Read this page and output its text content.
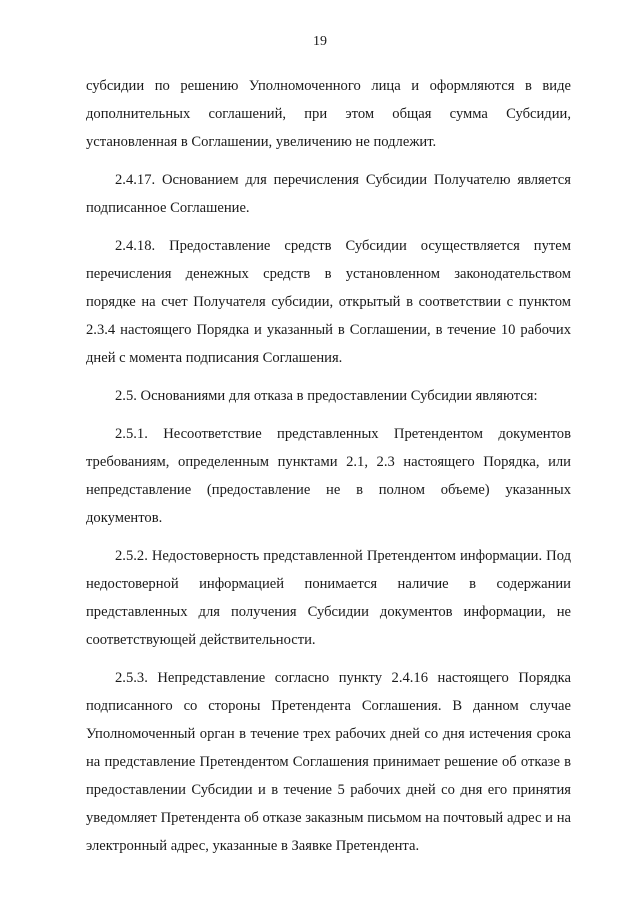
19

субсидии по решению Уполномоченного лица и оформляются в виде дополнительных соглашений, при этом общая сумма Субсидии, установленная в Соглашении, увеличению не подлежит.

2.4.17. Основанием для перечисления Субсидии Получателю является подписанное Соглашение.

2.4.18. Предоставление средств Субсидии осуществляется путем перечисления денежных средств в установленном законодательством порядке на счет Получателя субсидии, открытый в соответствии с пунктом 2.3.4 настоящего Порядка и указанный в Соглашении, в течение 10 рабочих дней с момента подписания Соглашения.

2.5. Основаниями для отказа в предоставлении Субсидии являются:

2.5.1. Несоответствие представленных Претендентом документов требованиям, определенным пунктами 2.1, 2.3 настоящего Порядка, или непредставление (предоставление не в полном объеме) указанных документов.

2.5.2. Недостоверность представленной Претендентом информации. Под недостоверной информацией понимается наличие в содержании представленных для получения Субсидии документов информации, не соответствующей действительности.

2.5.3. Непредставление согласно пункту 2.4.16 настоящего Порядка подписанного со стороны Претендента Соглашения. В данном случае Уполномоченный орган в течение трех рабочих дней со дня истечения срока на представление Претендентом Соглашения принимает решение об отказе в предоставлении Субсидии и в течение 5 рабочих дней со дня его принятия уведомляет Претендента об отказе заказным письмом на почтовый адрес и на электронный адрес, указанные в Заявке Претендента.
